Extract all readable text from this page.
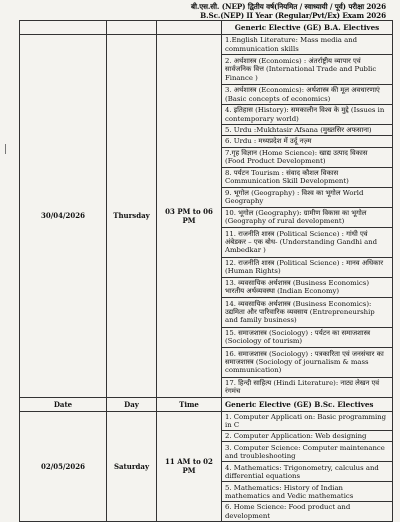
बी.एस.सी. (NEP) द्वितीय वर्ष(नियमित / स्वाध्यायी / पूर्व) परीक्षा 2026
B.Sc.(NEP) II Year (Regular/Pvt/Ex) Exam 2026
			Generic Elective (GE) B.A. Electives
30/04/2026	Thursday	03 PM to 06 PM	1.English Literature: Mass media and communication skills
			2. अर्थशास्त्र (Economics) : अंतर्राष्ट्रीय व्यापार एवं सार्वजनिक वित्त (International Trade and Public Finance )
			3. अर्थशास्त्र (Economics): अर्थशास्त्र की मूल अवधारणाएं (Basic concepts of economics)
			4. इतिहास (History): समकालीन विश्व के मुद्दे (Issues in contemporary world)
			5. Urdu :Mukhtasir Afsana (मुख्तसिर अफसाना)
			6. Urdu : मध्यप्रदेश में उर्दू नज़्म
			7.गृह विज्ञान (Home Science): खाद्य उत्पाद विकास (Food Product Development)
			8. पर्यटन Tourism : संवाद कौशल विकास Communication Skill Development)
			9. भूगोल (Geography) : विश्व का भूगोल World Geography
			10. भूगोल (Geography): ग्रामीण विकास का भूगोल (Geography of rural development)
			11. राजनीति शास्त्र (Political Science) : गांधी एवं अंबेडकर – एक बोध- (Understanding Gandhi and Ambedkar )
			12. राजनीति शास्त्र (Political Science) : मानव अधिकार (Human Rights)
			13. व्यवसायिक अर्थशास्त्र (Business Economics) भारतीय अर्थव्यवस्था (Indian Economy)
			14. व्यवसायिक अर्थशास्त्र (Business Economics): उद्यमिता और पारिवारिक व्यवसाय (Entrepreneurship and family business)
			15. समाजशास्त्र (Sociology) : पर्यटन का समाजशास्त्र (Sociology of tourism)
			16. समाजशास्त्र (Sociology) : पत्रकारिता एवं जनसंचार का समाजशास्त्र (Sociology of journalism & mass communication)
			17. हिन्दी साहित्य (Hindi Literature): नाट्य लेखन एवं रंगमंच
Date	Day	Time	Generic Elective (GE) B.Sc. Electives
02/05/2026	Saturday	11 AM to 02 PM	1. Computer Applicati on: Basic programming in C
			2. Computer Application: Web designing
			3. Computer Science: Computer maintenance and troubleshooting
			4. Mathematics: Trigonometry, calculus and differential equations
			5. Mathematics: History of Indian mathematics and Vedic mathematics
			6. Home Science: Food product and development
